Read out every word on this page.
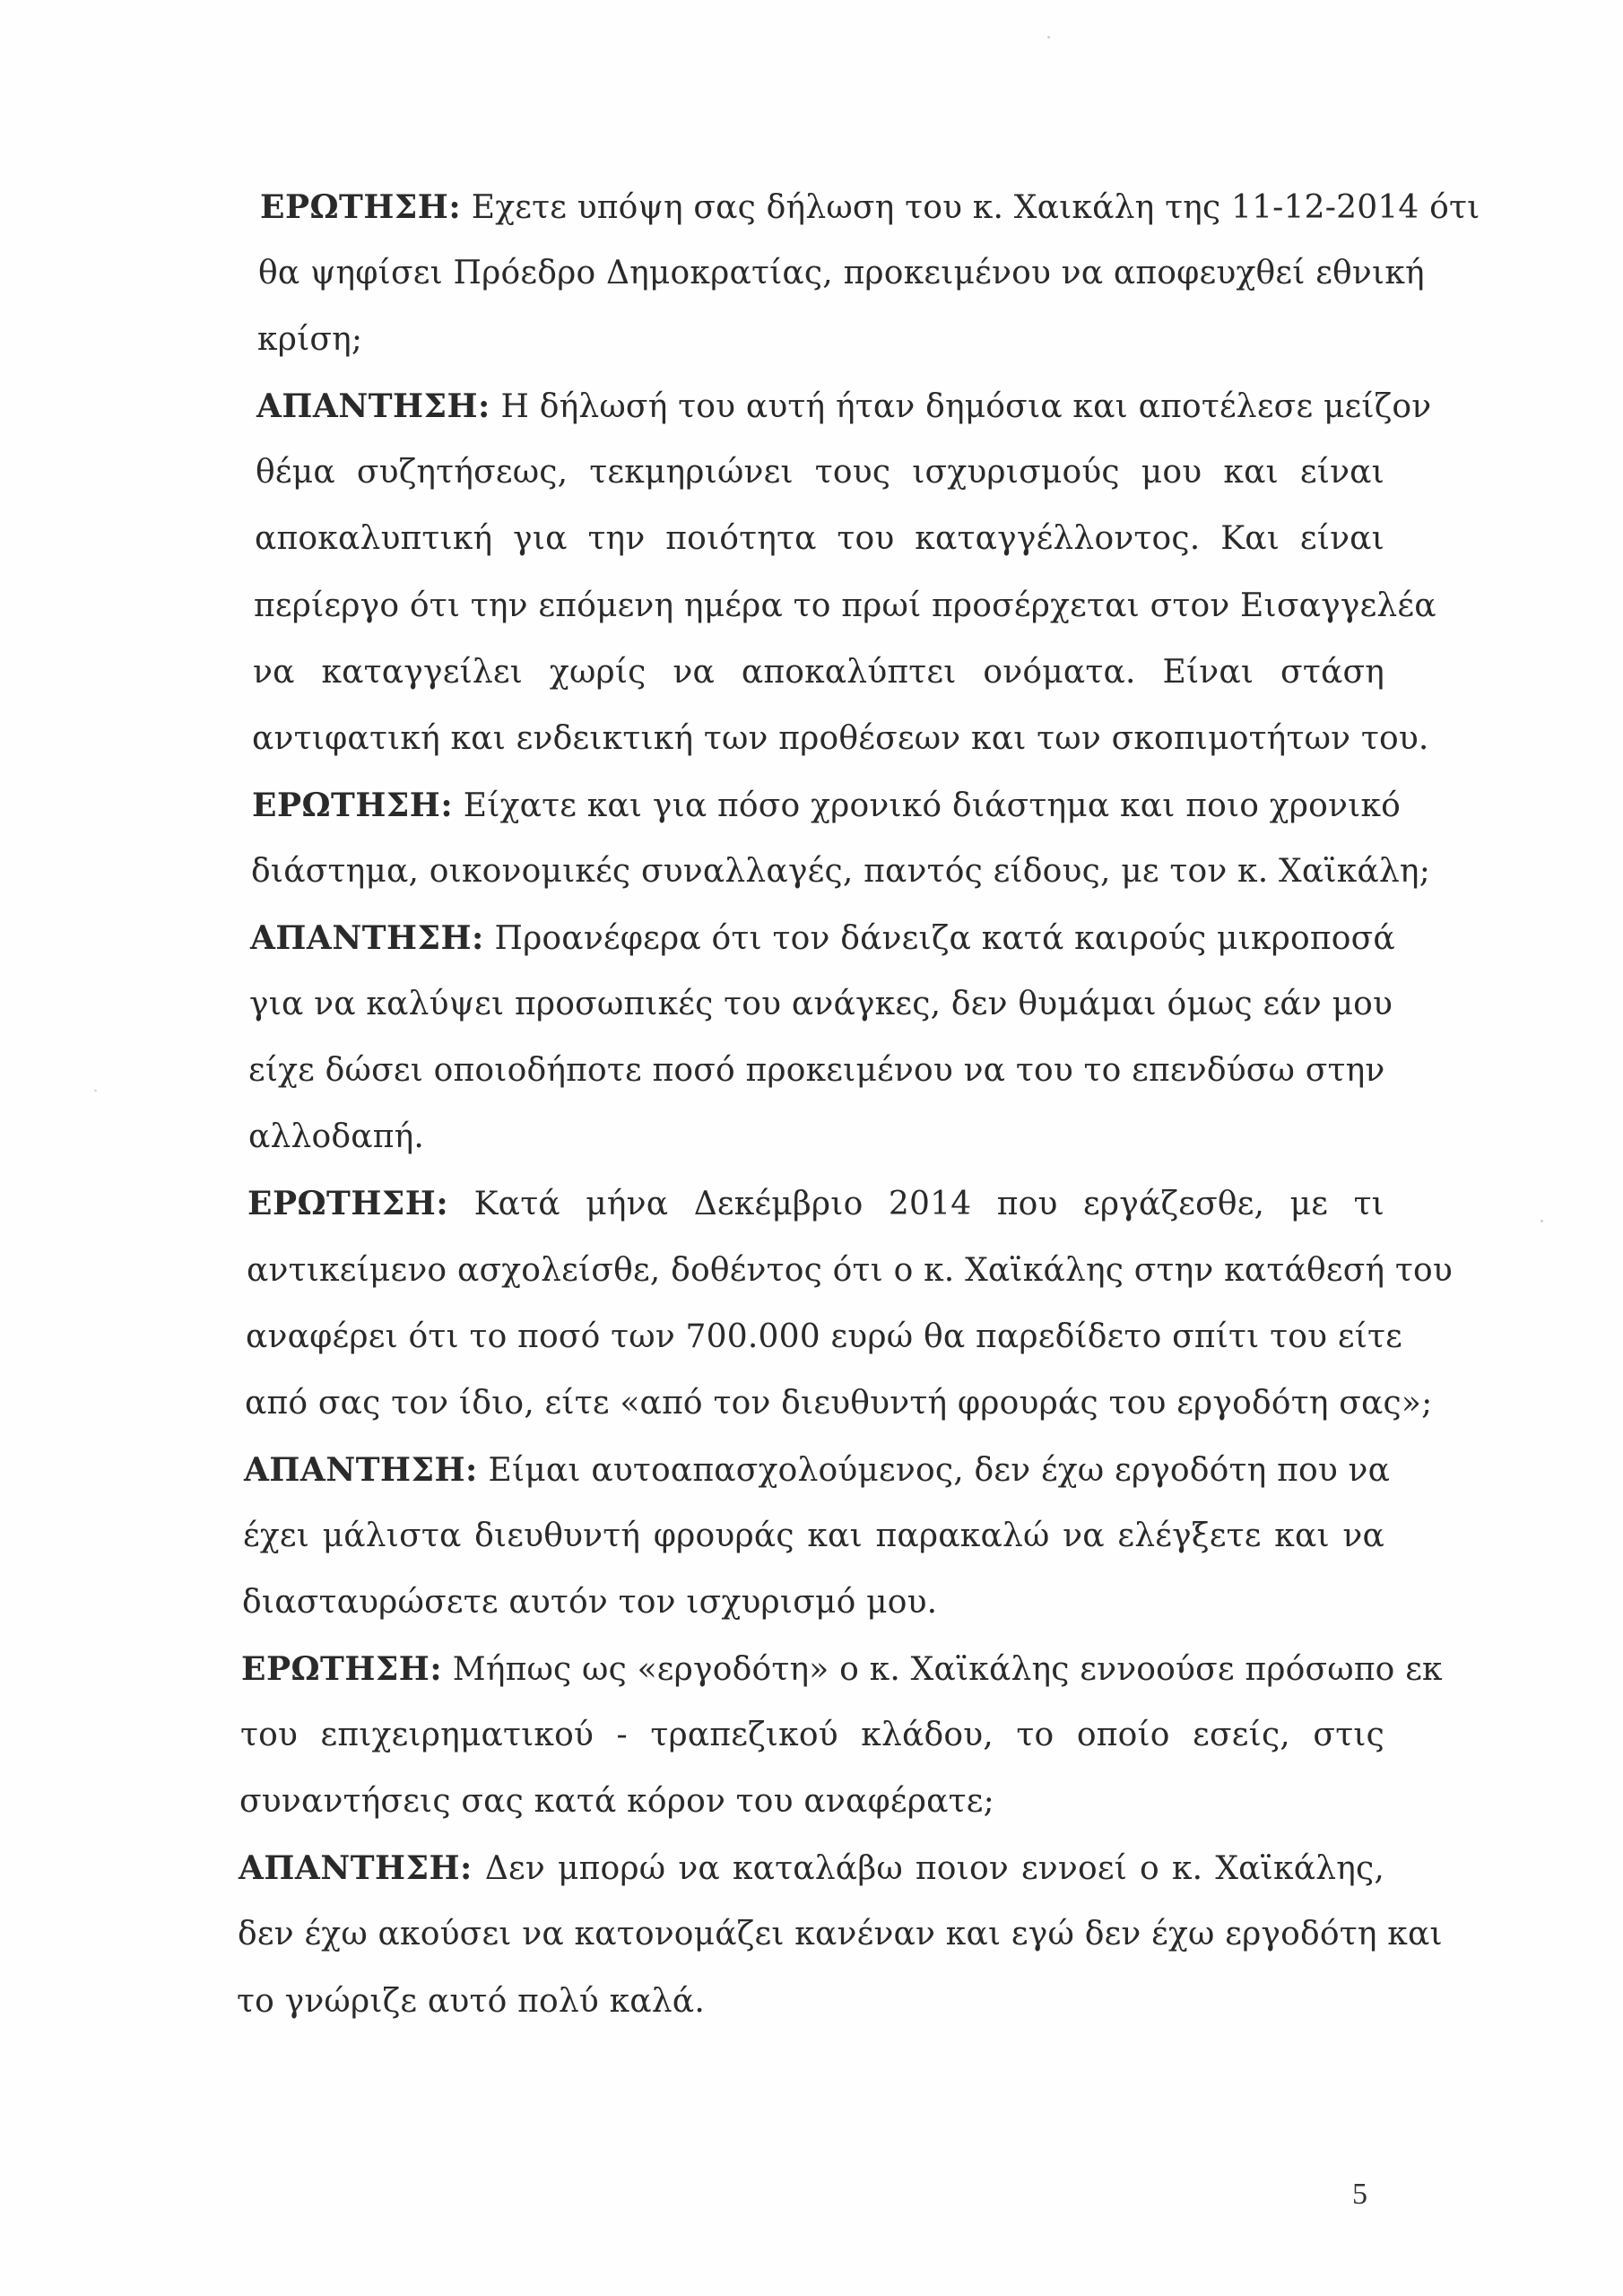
ΕΡΩΤΗΣΗ: Εχετε υπόψη σας δήλωση του κ. Χαικάλη της 11-12-2014 ότι
θα ψηφίσει Πρόεδρο Δημοκρατίας, προκειμένου να αποφευχθεί εθνική
κρίση;
ΑΠΑΝΤΗΣΗ: Η δήλωσή του αυτή ήταν δημόσια και αποτέλεσε μείζον
θέμα συζητήσεως, τεκμηριώνει τους ισχυρισμούς μου και είναι
αποκαλυπτική για την ποιότητα του καταγγέλλοντος. Και είναι
περίεργο ότι την επόμενη ημέρα το πρωί προσέρχεται στον Εισαγγελέα
να καταγγείλει χωρίς να αποκαλύπτει ονόματα. Είναι στάση
αντιφατική και ενδεικτική των προθέσεων και των σκοπιμοτήτων του.
ΕΡΩΤΗΣΗ: Είχατε και για πόσο χρονικό διάστημα και ποιο χρονικό
διάστημα, οικονομικές συναλλαγές, παντός είδους, με τον κ. Χαϊκάλη;
ΑΠΑΝΤΗΣΗ: Προανέφερα ότι τον δάνειζα κατά καιρούς μικροποσά
για να καλύψει προσωπικές του ανάγκες, δεν θυμάμαι όμως εάν μου
είχε δώσει οποιοδήποτε ποσό προκειμένου να του το επενδύσω στην
αλλοδαπή.
ΕΡΩΤΗΣΗ: Κατά μήνα Δεκέμβριο 2014 που εργάζεσθε, με τι
αντικείμενο ασχολείσθε, δοθέντος ότι ο κ. Χαϊκάλης στην κατάθεσή του
αναφέρει ότι το ποσό των 700.000 ευρώ θα παρεδίδετο σπίτι του είτε
από σας τον ίδιο, είτε «από τον διευθυντή φρουράς του εργοδότη σας»;
ΑΠΑΝΤΗΣΗ: Είμαι αυτοαπασχολούμενος, δεν έχω εργοδότη που να
έχει μάλιστα διευθυντή φρουράς και παρακαλώ να ελέγξετε και να
διασταυρώσετε αυτόν τον ισχυρισμό μου.
ΕΡΩΤΗΣΗ: Μήπως ως «εργοδότη» ο κ. Χαϊκάλης εννοούσε πρόσωπο εκ
του επιχειρηματικού - τραπεζικού κλάδου, το οποίο εσείς, στις
συναντήσεις σας κατά κόρον του αναφέρατε;
ΑΠΑΝΤΗΣΗ: Δεν μπορώ να καταλάβω ποιον εννοεί ο κ. Χαϊκάλης,
δεν έχω ακούσει να κατονομάζει κανέναν και εγώ δεν έχω εργοδότη και
το γνώριζε αυτό πολύ καλά.
5
